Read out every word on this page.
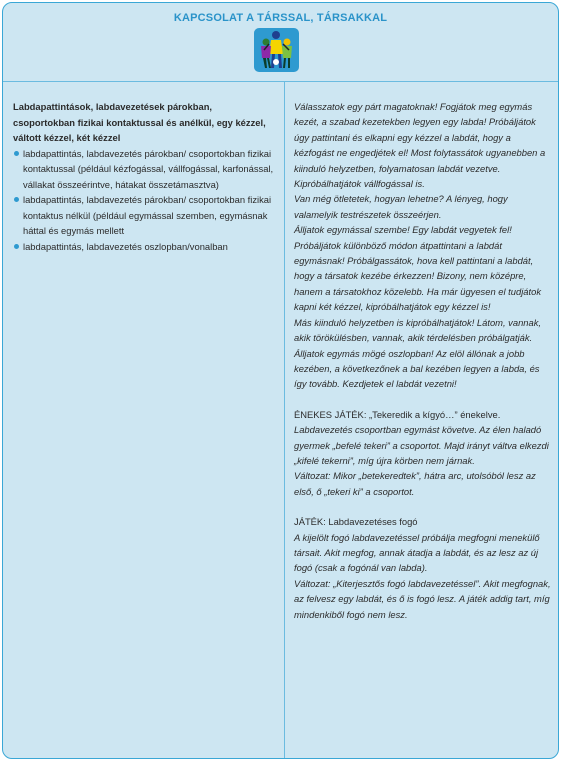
KAPCSOLAT A TÁRSSAL, TÁRSAKKAL
Labdapattintások, labdavezetések párokban, csoportokban fizikai kontaktussal és anélkül, egy kézzel, váltott kézzel, két kézzel
labdapattintás, labdavezetés párokban/ csoportokban fizikai kontaktussal (például kézfogással, vállfogással, karfonással, vállakat összeérintve, hátakat összetámasztva)
labdapattintás, labdavezetés párokban/ csoportokban fizikai kontaktus nélkül (például egymással szemben, egymásnak háttal és egymás mellett
labdapattintás, labdavezetés oszlopban/vonalban

Válasszatok egy párt magatoknak! Fogjátok meg egymás kezét, a szabad kezetekben legyen egy labda! Próbáljátok úgy pattintani és elkapni egy kézzel a labdát, hogy a kézfogást ne engedjétek el! Most folytassátok ugyanebben a kiinduló helyzetben, folyamatosan labdát vezetve. Kipróbálhatjátok vállfogással is.

Van még ötletetek, hogyan lehetne? A lényeg, hogy valamelyik testrészetek összeérjen.

Álljatok egymással szembe! Egy labdát vegyetek fel! Próbáljátok különböző módon átpattintani a labdát egymásnak! Próbálgassátok, hova kell pattintani a labdát, hogy a társatok kezébe érkezzen! Bizony, nem középre, hanem a társatokhoz közelebb. Ha már ügyesen el tudjátok kapni két kézzel, kipróbálhatjátok egy kézzel is!

Más kiinduló helyzetben is kipróbálhatjátok! Látom, vannak, akik törökülésben, vannak, akik térdelésben próbálgatják.

Álljatok egymás mögé oszlopban! Az elöl állónak a jobb kezében, a következőnek a bal kezében legyen a labda, és így tovább. Kezdjetek el labdát vezetni!

ÉNEKES JÁTÉK: „Tekeredik a kígyó…” énekelve.

Labdavezetés csoportban egymást követve. Az élen haladó gyermek „befelé tekeri” a csoportot. Majd irányt váltva elkezdi „kifelé tekerni”, míg újra körben nem járnak.

Változat: Mikor „betekeredtek”, hátra arc, utolsóból lesz az első, ő „tekeri ki” a csoportot.

JÁTÉK: Labdavezetéses fogó

A kijelölt fogó labdavezetéssel próbálja megfogni menekülő társait. Akit megfog, annak átadja a labdát, és az lesz az új fogó (csak a fogónál van labda).

Változat: „Kiterjesztős fogó labdavezetéssel”. Akit megfognak, az felvesz egy labdát, és ő is fogó lesz. A játék addig tart, míg mindenkiből fogó nem lesz.
